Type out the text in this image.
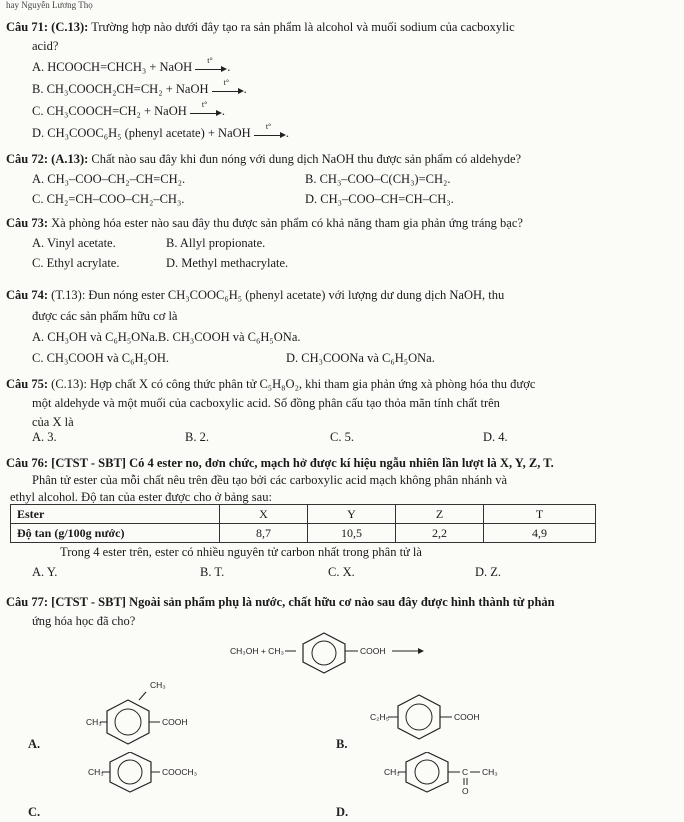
hay Nguyễn Lương Thọ
Câu 71: (C.13): Trường hợp nào dưới đây tạo ra sản phẩm là alcohol và muối sodium của cacboxylic
acid?
A. HCOOCH=CHCH₃ + NaOH t° .
B. CH₃COOCH₂CH=CH₂ + NaOH t° .
C. CH₃COOCH=CH₂ + NaOH t° .
D. CH₃COOC₆H₅ (phenyl acetate) + NaOH t° .
Câu 72: (A.13): Chất nào sau đây khi đun nóng với dung dịch NaOH thu được sản phẩm có aldehyde?
A. CH₃–COO–CH₂–CH=CH₂.	B. CH₃–COO–C(CH₃)=CH₂.
C. CH₂=CH–COO–CH₂–CH₃.	D. CH₃–COO–CH=CH–CH₃.
Câu 73: Xà phòng hóa ester nào sau đây thu được sản phẩm có khả năng tham gia phản ứng tráng bạc?
A. Vinyl acetate.	B. Allyl propionate.
C. Ethyl acrylate.	D. Methyl methacrylate.
Câu 74: (T.13): Đun nóng ester CH₃COOC₆H₅ (phenyl acetate) với lượng dư dung dịch NaOH, thu
được các sản phẩm hữu cơ là
A. CH₃OH và C₆H₅ONa.B. CH₃COOH và C₆H₅ONa.
C. CH₃COOH và C₆H₅OH.	D. CH₃COONa và C₆H₅ONa.
Câu 75: (C.13): Hợp chất X có công thức phân tử C₅H₈O₂, khi tham gia phản ứng xà phòng hóa thu được
một aldehyde và một muối của cacboxylic acid. Số đồng phân cấu tạo thỏa mãn tính chất trên
của X là
A. 3.	B. 2.	C. 5.	D. 4.
Câu 76: [CTST - SBT] Có 4 ester no, đơn chức, mạch hở được kí hiệu ngẫu nhiên lần lượt là X, Y, Z, T.
Phân tử ester của mỗi chất nêu trên đều tạo bởi các carboxylic acid mạch không phân nhánh và
ethyl alcohol. Độ tan của ester được cho ở bảng sau:
Ester	X	Y	Z	T
Độ tan (g/100g nước)	8,7	10,5	2,2	4,9
Trong 4 ester trên, ester có nhiều nguyên tử carbon nhất trong phân tử là
A. Y.	B. T.	C. X.	D. Z.
Câu 77: [CTST - SBT] Ngoài sản phẩm phụ là nước, chất hữu cơ nào sau đây được hình thành từ phản
ứng hóa học đã cho?
CH₃OH + CH₃	COOH
A.
CH₃
CH₃	COOH
B.
C₂H₅	COOH
C.
CH₃	COOCH₃
D.
CH₃	C
O
CH₃
